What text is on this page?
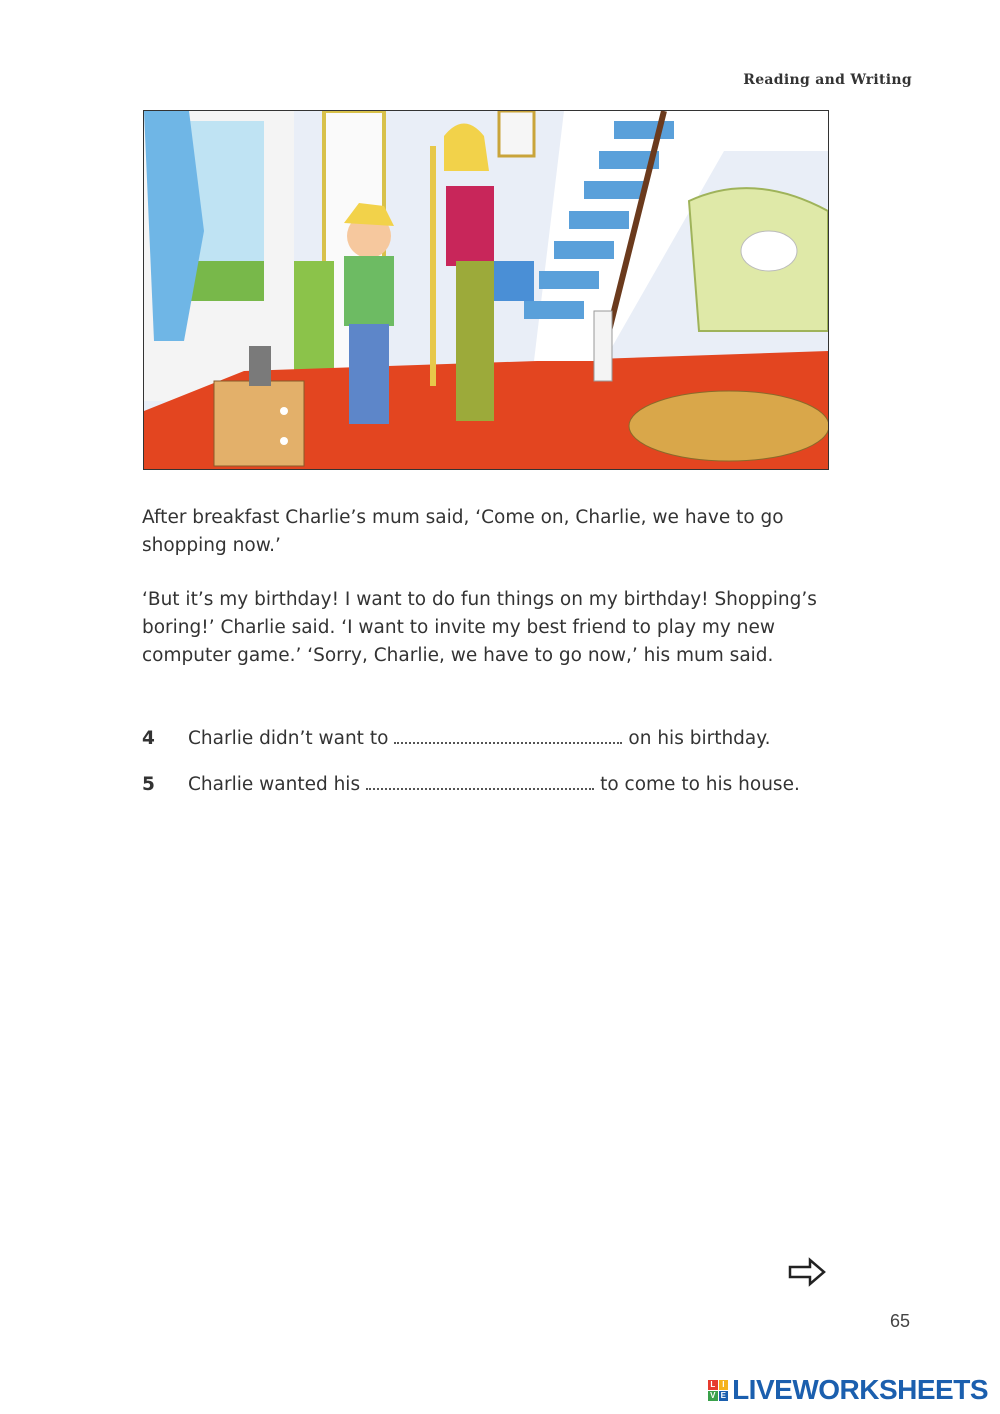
Reading and Writing
After breakfast Charlie’s mum said, ‘Come on, Charlie, we have to go shopping now.’
‘But it’s my birthday! I want to do fun things on my birthday! Shopping’s boring!’ Charlie said. ‘I want to invite my best friend to play my new computer game.’ ‘Sorry, Charlie, we have to go now,’ his mum said.
4	Charlie didn’t want to	on his birthday.
5	Charlie wanted his	to come to his house.
65
L I
V E LIVEWORKSHEETS
